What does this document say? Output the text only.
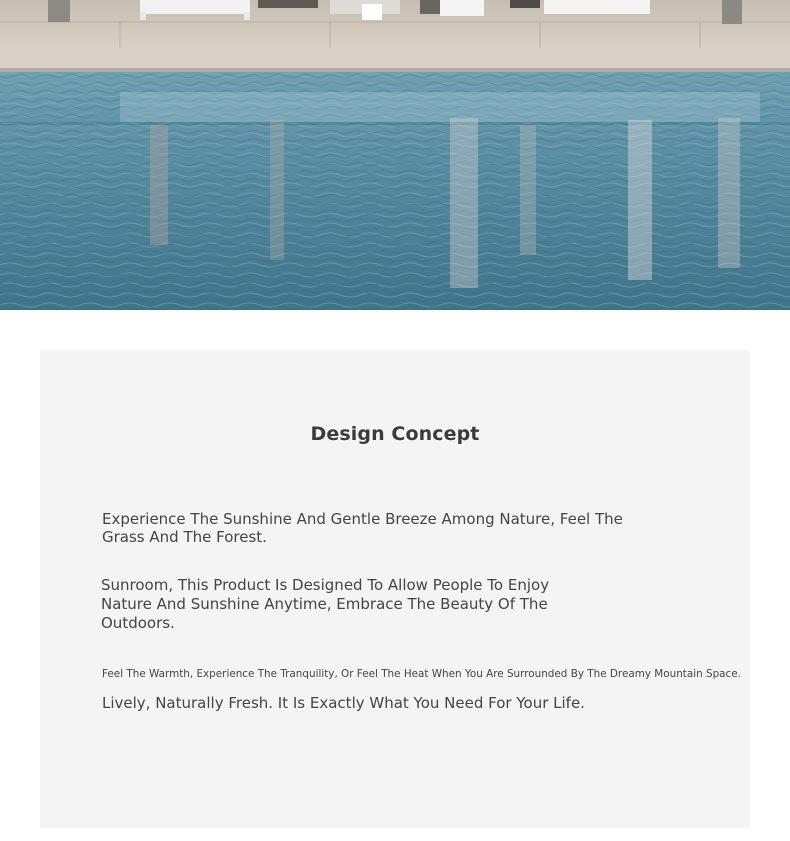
Design Concept

Experience The Sunshine And Gentle Breeze Among Nature, Feel The Grass And The Forest.

Sunroom, This Product Is Designed To Allow People To Enjoy Nature And Sunshine Anytime, Embrace The Beauty Of The Outdoors.

Feel The Warmth, Experience The Tranquility, Or Feel The Heat When You Are Surrounded By The Dreamy Mountain Space.

Lively, Naturally Fresh. It Is Exactly What You Need For Your Life.
